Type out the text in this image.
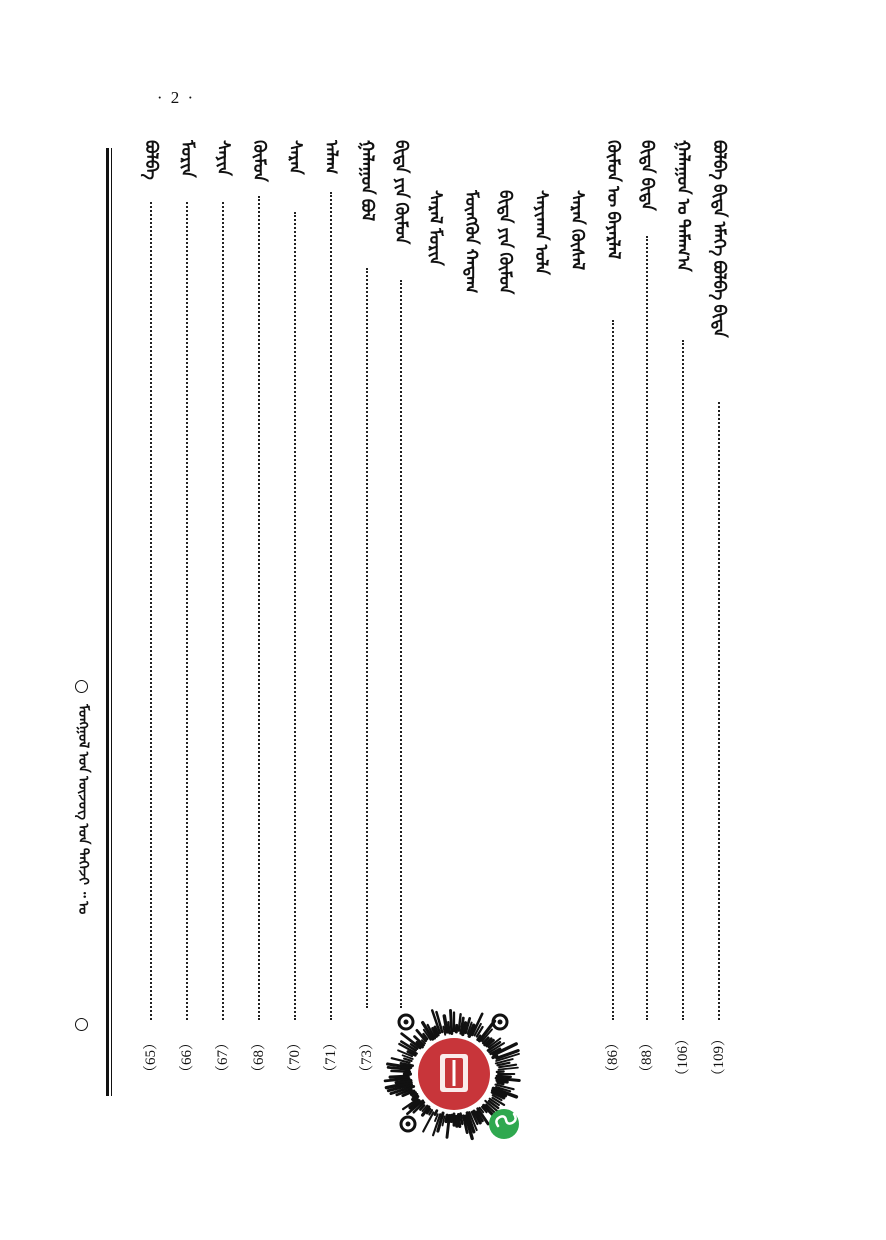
· 2 ·
ᠮᠣᠩᠭᠣᠯ ᠤᠨ ᠦᠵᠦᠭ ᠤᠨ ᠳᠡᠭᠡᠵᠢ ᠃ ᠤ
ᠪᠣᠯᠪᠠ ᠪᠢᠳᠡ ᠡᠮᠡᠭᠡ ᠪᠣᠯᠪᠠ ᠪᠢᠳᠡ
（109）
ᠭᠠᠯᠠᠭᠤᠨ ᠤ ᠲᠠᠮᠠᠭ᠎ᠠ
（106）
ᠪᠢᠳᠡ ᠪᠢᠳᠡ
（88）
ᠬᠦᠮᠦᠨ ᠦ ᠪᠠᠶᠠᠷᠯᠠᠯ
（86）
ᠰᠠᠷᠠᠨ ᠬᠦᠰᠡᠯ
ᠰᠠᠶᠢᠬᠠᠨ ᠤᠯᠠ
ᠪᠢᠳᠡ ᠶᠢᠨ ᠬᠦᠮᠦᠨ
ᠮᠥᠩᠭᠦᠨ ᠬᠠᠳᠠᠭ
ᠰᠠᠷᠠᠯ ᠮᠣᠷᠢᠨ
ᠪᠢᠳᠡ ᠶᠢᠨ ᠬᠦᠮᠦᠨ
ᠭᠠᠯᠠᠭᠤᠨ ᠪᠣᠯ
（73）
ᠠᠯᠠᠭ
（71）
ᠰᠠᠷᠠᠨ
（70）
ᠬᠦᠮᠦᠨ
（68）
ᠰᠠᠶᠢᠨ
（67）
ᠮᠣᠷᠢᠨ
（66）
ᠪᠣᠯᠪᠠ
（65）
